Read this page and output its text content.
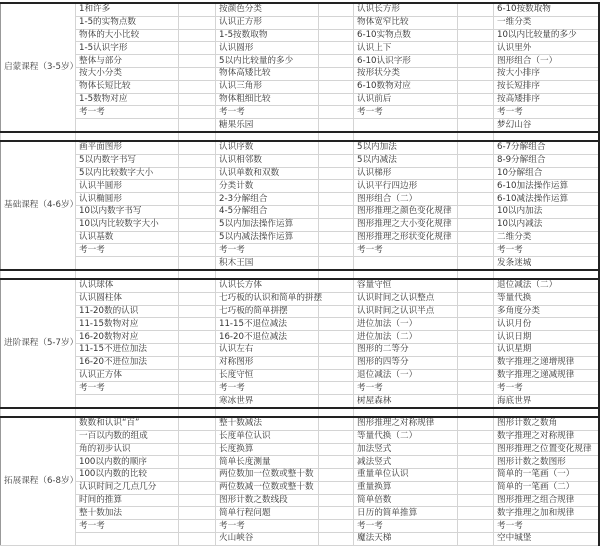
启蒙课程（3-5岁）	1和许多		按颜色分类		认识长方形		6-10按数取物
	1-5的实物点数		认识正方形		物体宽窄比较		一维分类
	物体的大小比较		1-5按数取物		6-10实物点数		10以内比较量的多少
	1-5认识字形		认识圆形		认识上下		认识里外
	整体与部分		5以内比较量的多少		6-10认识字形		图形组合（一）
	按大小分类		物体高矮比较		按形状分类		按大小排序
	物体长短比较		认识三角形		6-10数物对应		按长短排序
	1-5数物对应		物体粗细比较		认识前后		按高矮排序
	考一考		考一考		考一考		考一考
			糖果乐园				梦幻山谷

基础课程（4-6岁）	画平面图形		认识序数		5以内加法		6-7分解组合
	5以内数字书写		认识相邻数		5以内减法		8-9分解组合
	5以内比较数字大小		认识单数和双数		认识梯形		10分解组合
	认识半圆形		分类计数		认识平行四边形		6-10加法操作运算
	认识椭圆形		2-3分解组合		图形组合（二）		6-10减法操作运算
	10以内数字书写		4-5分解组合		图形推理之颜色变化规律		10以内加法
	10以内比较数字大小		5以内加法操作运算		图形推理之大小变化规律		10以内减法
	认识基数		5以内减法操作运算		图形推理之形状变化规律		二维分类
	考一考		考一考		考一考		考一考
			积木王国				发条迷城

进阶课程（5-7岁）	认识球体		认识长方体		容量守恒		退位减法（二）
	认识圆柱体		七巧板的认识和简单的拼摆		认识时间之认识整点		等量代换
	11-20数的认识		七巧板的简单拼摆		认识时间之认识半点		多角度分类
	11-15数物对应		11-15不退位减法		进位加法（一）		认识月份
	16-20数物对应		16-20不退位减法		进位加法（二）		认识日期
	11-15不进位加法		认识左右		图形的二等分		认识星期
	16-20不进位加法		对称图形		图形的四等分		数字推理之递增规律
	认识正方体		长度守恒		退位减法（一）		数字推理之递减规律
	考一考		考一考		考一考		考一考
			寒冰世界		树屋森林		海底世界

拓展课程（6-8岁）	数数和认识“百”		整十数减法		图形推理之对称规律		图形计数之数角
	一百以内数的组成		长度单位认识		等量代换（二）		数字推理之对称规律
	角的初步认识		长度换算		加法竖式		图形推理之位置变化规律
	100以内数的顺序		简单长度测量		减法竖式		图形计数之数图形
	100以内数的比较		两位数加一位数或整十数		重量单位认识		简单的一笔画（一）
	认识时间之几点几分		两位数减一位数或整十数		重量换算		简单的一笔画（二）
	时间的推算		图形计数之数线段		简单倍数		图形推理之组合规律
	整十数加法		简单行程问题		日历的简单推算		数字推理之加和规律
	考一考		考一考		考一考		考一考
			火山峡谷		魔法天梯		空中城堡
